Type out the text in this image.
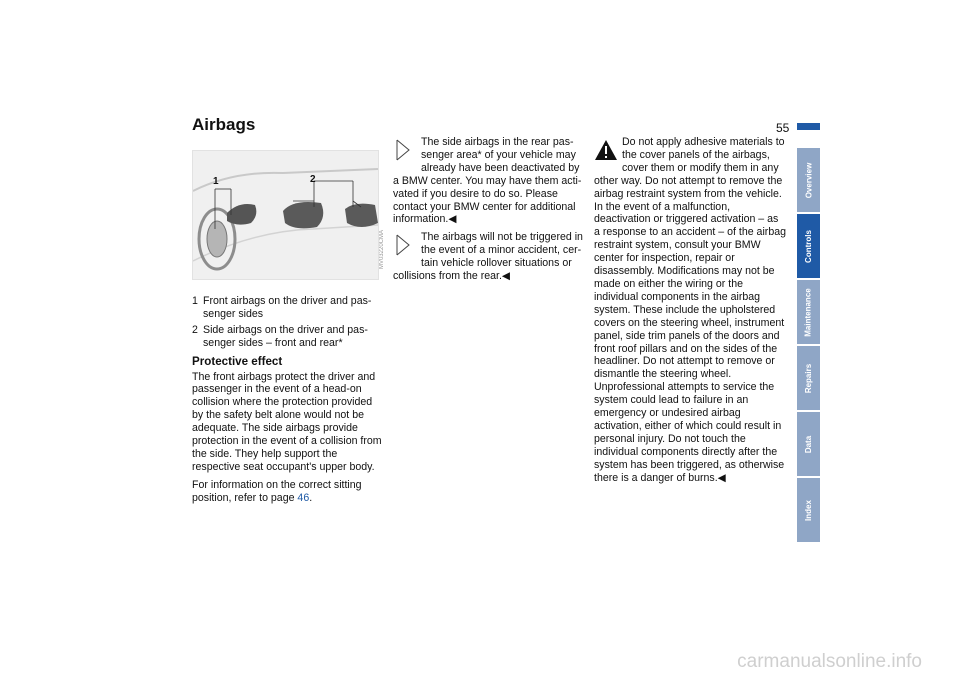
Airbags	55
1	2
MV03220CMA
1 Front airbags on the driver and passenger sides
2 Side airbags on the driver and passenger sides – front and rear*
Protective effect

The front airbags protect the driver and passenger in the event of a head-on collision where the protection provided by the safety belt alone would not be adequate. The side airbags provide protection in the event of a collision from the side. They help support the respective seat occupant's upper body.

For information on the correct sitting position, refer to page 46.

The side airbags in the rear passenger area* of your vehicle may already have been deactivated by a BMW center. You may have them activated if you desire to do so. Please contact your BMW center for additional information.◀

The airbags will not be triggered in the event of a minor accident, certain vehicle rollover situations or collisions from the rear.◀

Do not apply adhesive materials to the cover panels of the airbags, cover them or modify them in any other way. Do not attempt to remove the airbag restraint system from the vehicle. In the event of a malfunction, deactivation or triggered activation – as a response to an accident – of the airbag restraint system, consult your BMW center for inspection, repair or disassembly. Modifications may not be made on either the wiring or the individual components in the airbag system. These include the upholstered covers on the steering wheel, instrument panel, side trim panels of the doors and front roof pillars and on the sides of the headliner. Do not attempt to remove or dismantle the steering wheel. Unprofessional attempts to service the system could lead to failure in an emergency or undesired airbag activation, either of which could result in personal injury. Do not touch the individual components directly after the system has been triggered, as otherwise there is a danger of burns.◀

Overview
Controls
Maintenance
Repairs
Data
Index
carmanualsonline.info
